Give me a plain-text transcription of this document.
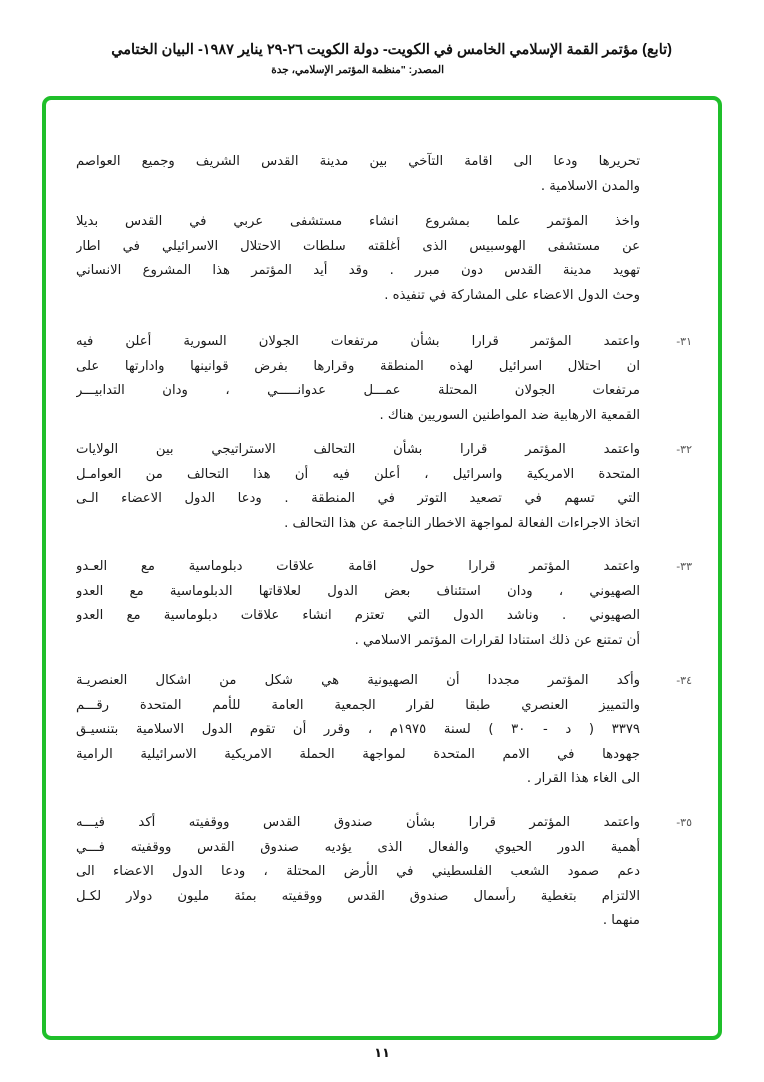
(تابع) مؤتمر القمة الإسلامي الخامس في الكويت- دولة الكويت ٢٦-٢٩ يناير ١٩٨٧- البيان الختامي
المصدر: "منظمة المؤتمر الإسلامي، جدة
تحريرها ودعا الى اقامة التآخي بين مدينة القدس الشريف وجميع العواصم
والمدن الاسلامية .
واخذ المؤتمر علما بمشروع انشاء مستشفى عربي في القدس بديلا
عن مستشفى الهوسبيس الذى أغلقته سلطات الاحتلال الاسرائيلي في اطار
تهويد مدينة القدس دون مبرر . وقد أيد المؤتمر هذا المشروع الانساني
وحث الدول الاعضاء على المشاركة في تنفيذه .
٣١-
واعتمد المؤتمر قرارا بشأن مرتفعات الجولان السورية أعلن فيه
ان احتلال اسرائيل لهذه المنطقة وقرارها بفرض قوانينها وادارتها على
مرتفعات الجولان المحتلة عمـــل عدوانـــــي ، ودان التدابيـــر
القمعية الارهابية ضد المواطنين السوريين هناك .
٣٢-
واعتمد المؤتمر قرارا بشأن التحالف الاستراتيجي بين الولايات
المتحدة الامريكية واسرائيل ، أعلن فيه أن هذا التحالف من العوامـل
التي تسهم في تصعيد التوتر في المنطقة . ودعا الدول الاعضاء الـى
اتخاذ الاجراءات الفعالة لمواجهة الاخطار الناجمة عن هذا التحالف .
٣٣-
واعتمد المؤتمر قرارا حول اقامة علاقات دبلوماسية مع العـدو
الصهيوني ، ودان استئناف بعض الدول لعلاقاتها الدبلوماسية مع العدو
الصهيوني . وناشد الدول التي تعتزم انشاء علاقات دبلوماسية مع العدو
أن تمتنع عن ذلك استنادا لقرارات المؤتمر الاسلامي .
٣٤-
وأكد المؤتمر مجددا أن الصهيونية هي شكل من اشكال العنصريـة
والتمييز العنصري طبقا لقرار الجمعية العامة للأمم المتحدة رقـــم
٣٣٧٩ ( د - ٣٠ ) لسنة ١٩٧٥م ، وقرر أن تقوم الدول الاسلامية بتنسيـق
جهودها في الامم المتحدة لمواجهة الحملة الامريكية الاسرائيلية الرامية
الى الغاء هذا القرار .
٣٥-
واعتمد المؤتمر قرارا بشأن صندوق القدس ووقفيته أكد فيـــه
أهمية الدور الحيوي والفعال الذى يؤديه صندوق القدس ووقفيته فـــي
دعم صمود الشعب الفلسطيني في الأرض المحتلة ، ودعا الدول الاعضاء الى
الالتزام بتغطية رأسمال صندوق القدس ووقفيته بمئة مليون دولار لكـل
منهما .
١١
